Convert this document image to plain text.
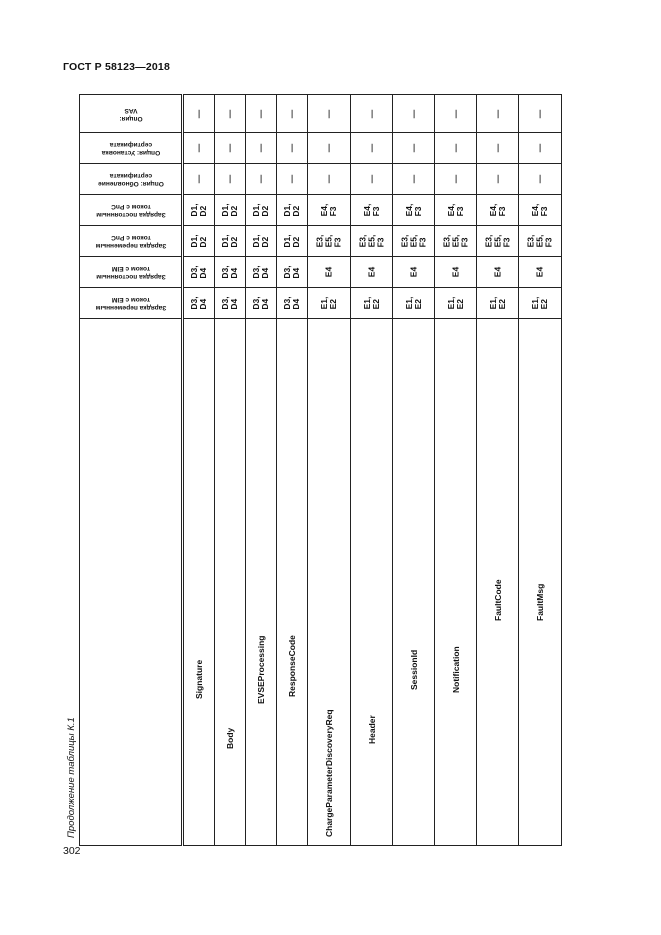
ГОСТ Р 58123—2018
Продолжение таблицы К.1
302
Опция:
VAS	—	—	—	—	—	—	—	—	—	—

Опция: Установка
сертификата	—	—	—	—	—	—	—	—	—	—

Опция: Обновление
сертификата	—	—	—	—	—	—	—	—	—	—

Зарядка постоянным
током с PnC	D1,
D2	D1,
D2	D1,
D2	D1,
D2	E4,
F3	E4,
F3	E4,
F3	E4,
F3	E4,
F3	E4,
F3

Зарядка переменным
током с PnC	D1,
D2	D1,
D2	D1,
D2	D1,
D2	E3,
E5,
F3	E3,
E5,
F3	E3,
E5,
F3	E3,
E5,
F3	E3,
E5,
F3	E3,
E5,
F3

Зарядка постоянным
током с EIM	D3,
D4	D3,
D4	D3,
D4	D3,
D4	E4	E4	E4	E4	E4	E4

Зарядка переменным
током с EIM	D3,
D4	D3,
D4	D3,
D4	D3,
D4	E1,
E2	E1,
E2	E1,
E2	E1,
E2	E1,
E2	E1,
E2

	Signature	Body	EVSEProcessing	ResponseCode	ChargeParameterDiscoveryReq	Header	SessionId	Notification	FaultCode	FaultMsg
